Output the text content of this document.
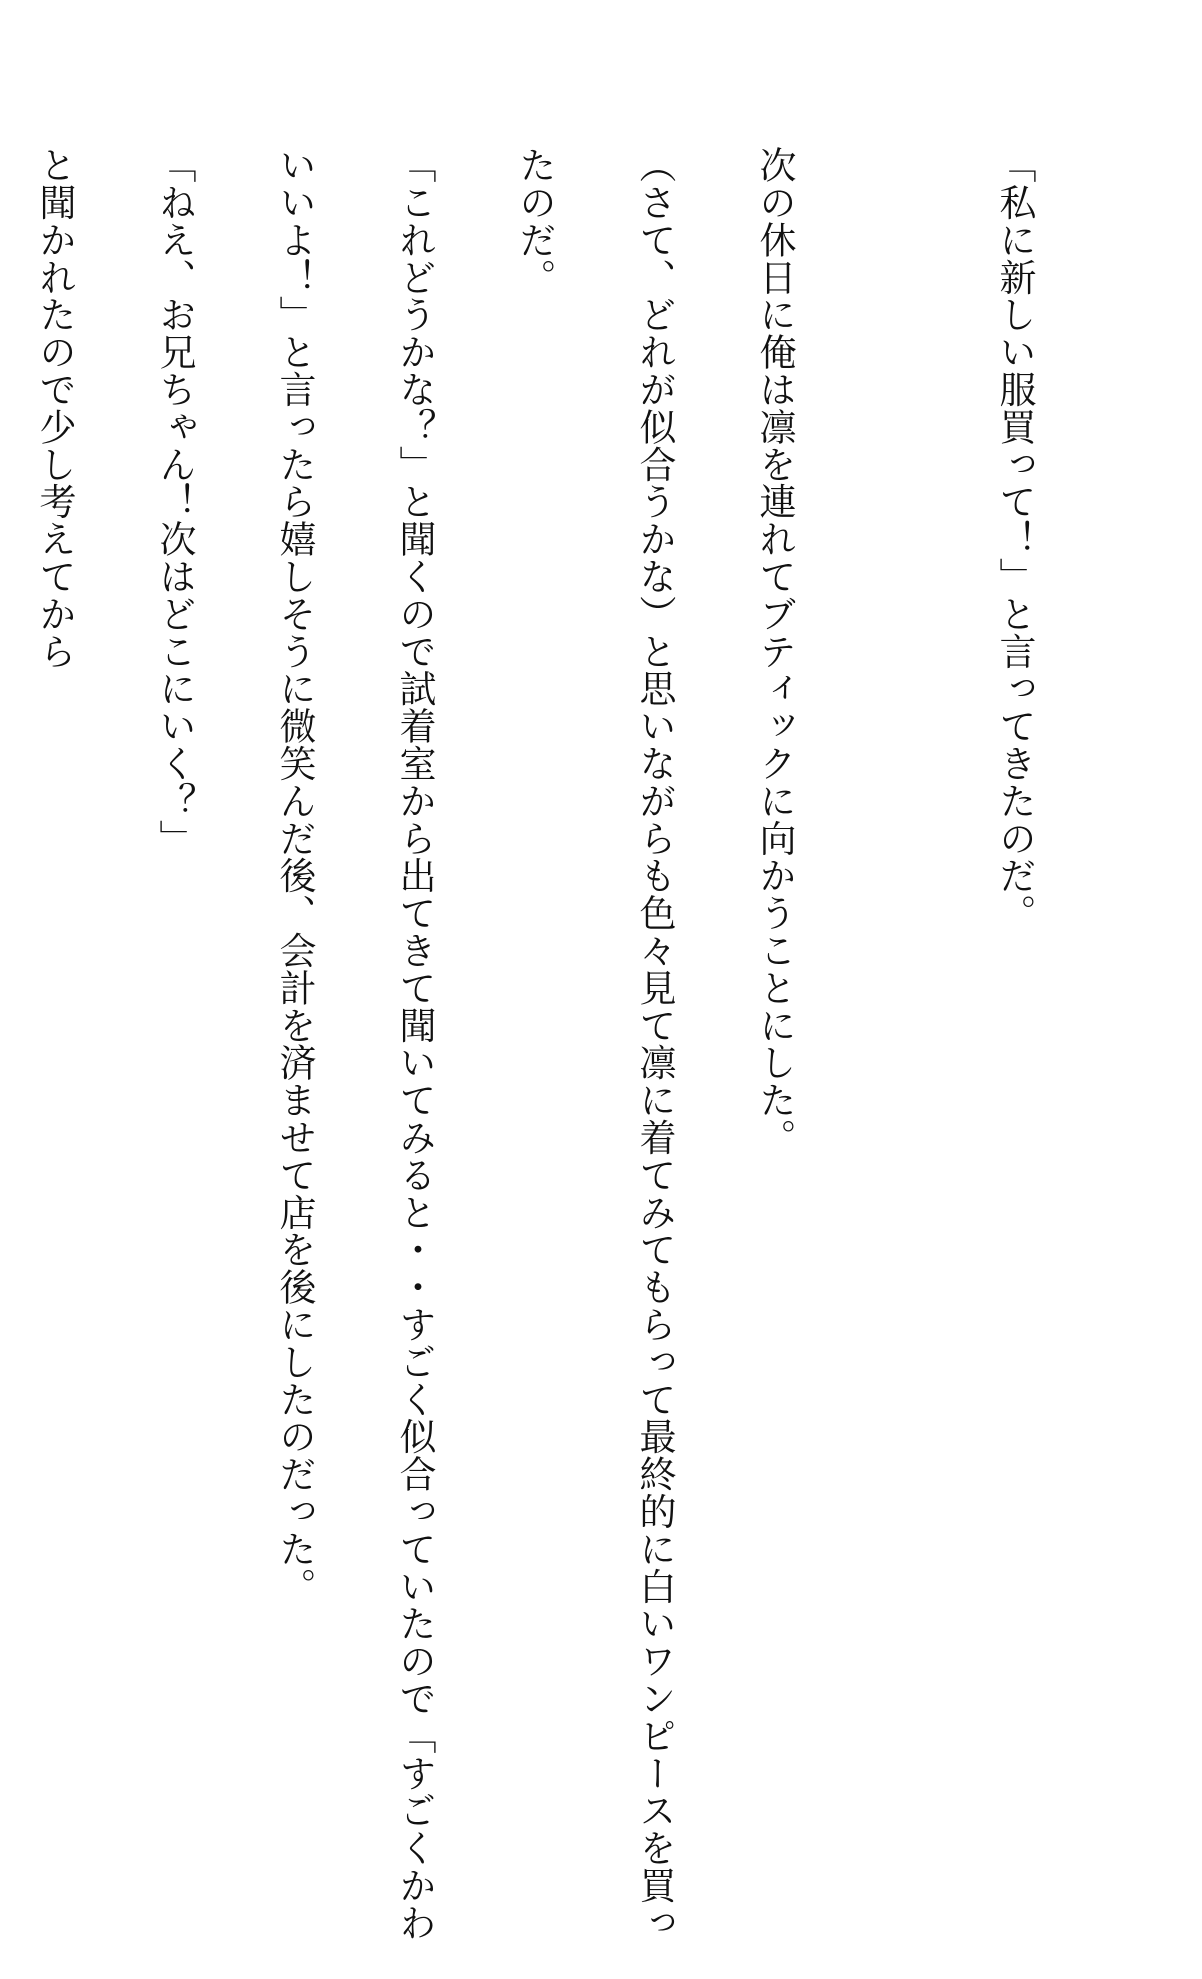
「私に新しい服買って！」と言ってきたのだ。

次の休日に俺は凛を連れてブティックに向かうことにした。

（さて、どれが似合うかな）と思いながらも色々見て凛に着てみてもらって最終的に白いワンピースを買っ

たのだ。

「これどうかな？」と聞くので試着室から出てきて聞いてみると・・すごく似合っていたので「すごくかわ

いいよ！」と言ったら嬉しそうに微笑んだ後、会計を済ませて店を後にしたのだった。

「ねえ、お兄ちゃん！次はどこにいく？」

と聞かれたので少し考えてから
